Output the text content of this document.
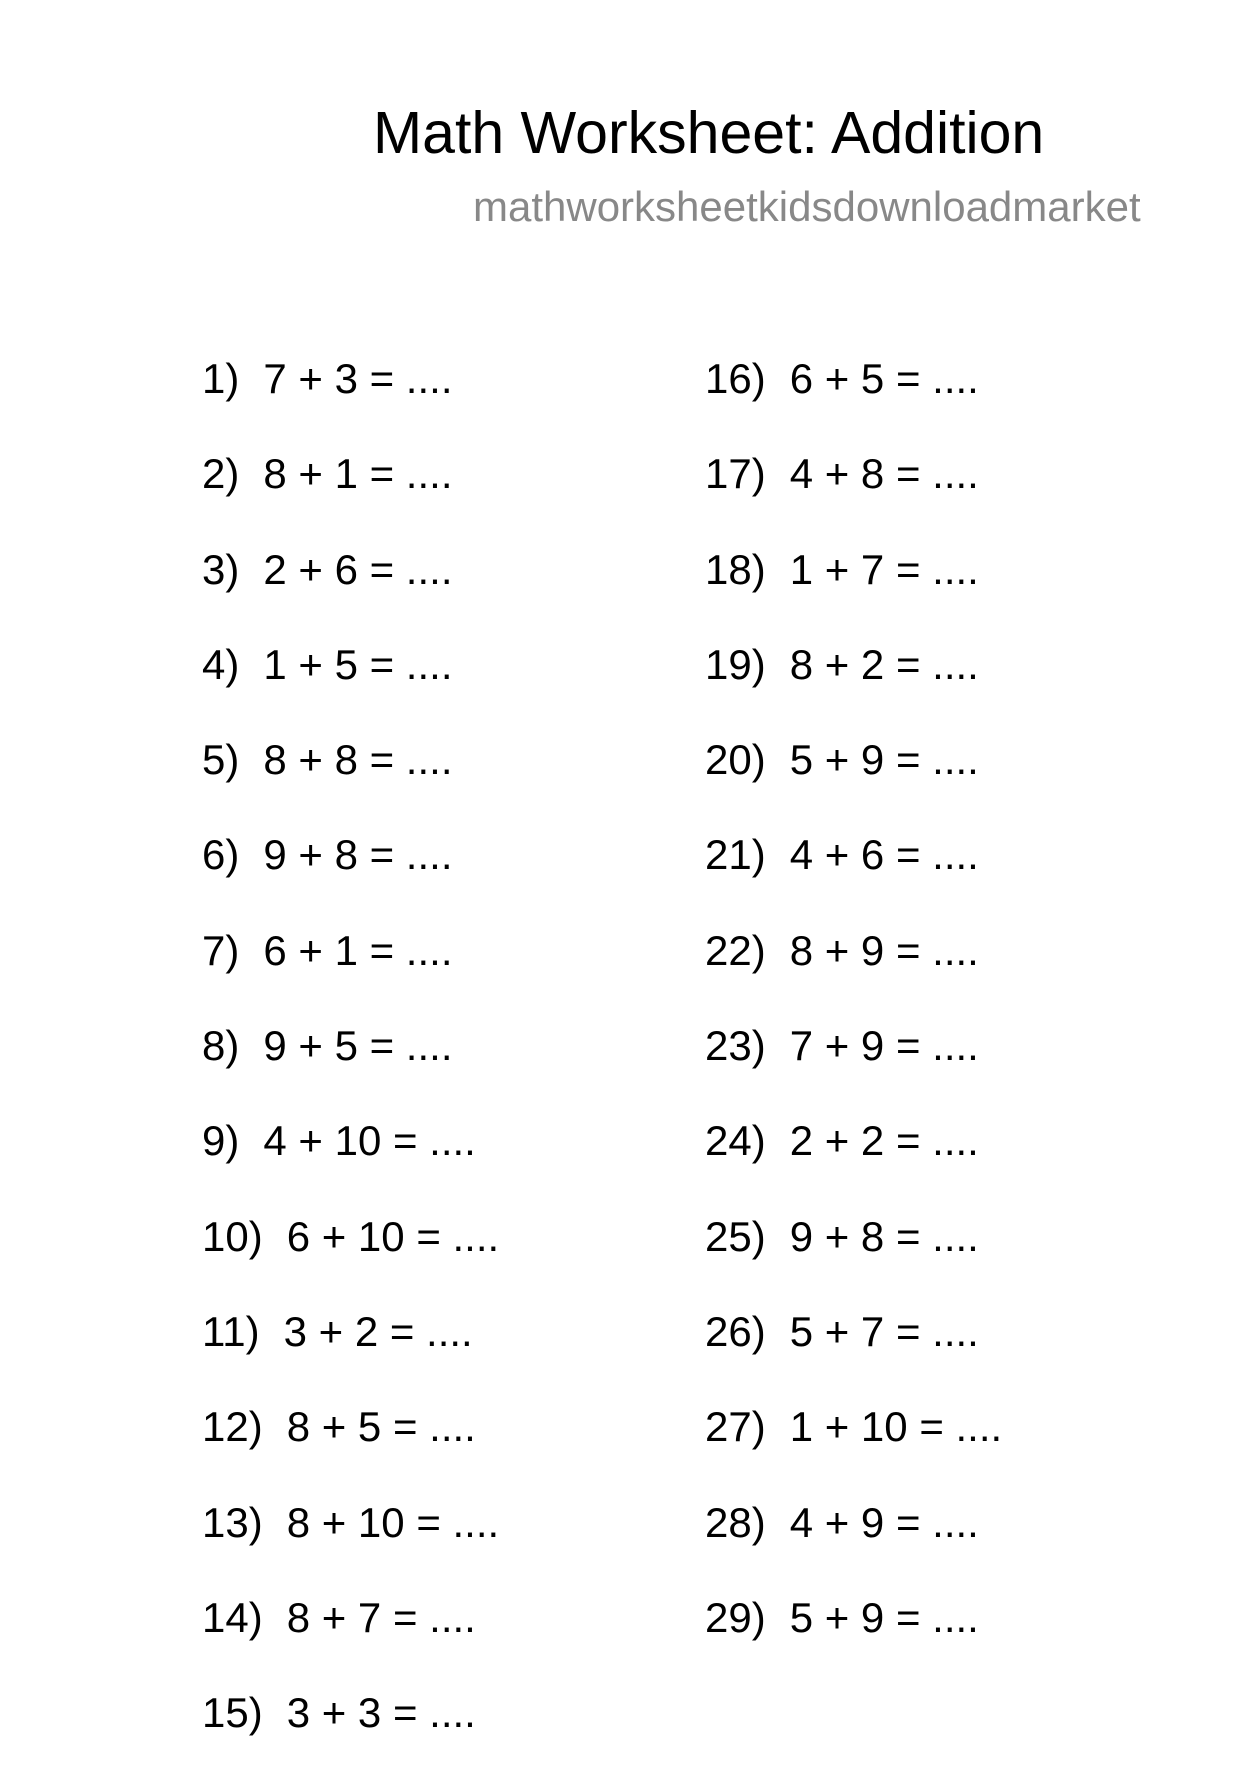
Math Worksheet: Addition
mathworksheetkidsdownloadmarket
1) 7 + 3 = ....
2) 8 + 1 = ....
3) 2 + 6 = ....
4) 1 + 5 = ....
5) 8 + 8 = ....
6) 9 + 8 = ....
7) 6 + 1 = ....
8) 9 + 5 = ....
9) 4 + 10 = ....
10) 6 + 10 = ....
11) 3 + 2 = ....
12) 8 + 5 = ....
13) 8 + 10 = ....
14) 8 + 7 = ....
15) 3 + 3 = ....
16) 6 + 5 = ....
17) 4 + 8 = ....
18) 1 + 7 = ....
19) 8 + 2 = ....
20) 5 + 9 = ....
21) 4 + 6 = ....
22) 8 + 9 = ....
23) 7 + 9 = ....
24) 2 + 2 = ....
25) 9 + 8 = ....
26) 5 + 7 = ....
27) 1 + 10 = ....
28) 4 + 9 = ....
29) 5 + 9 = ....
